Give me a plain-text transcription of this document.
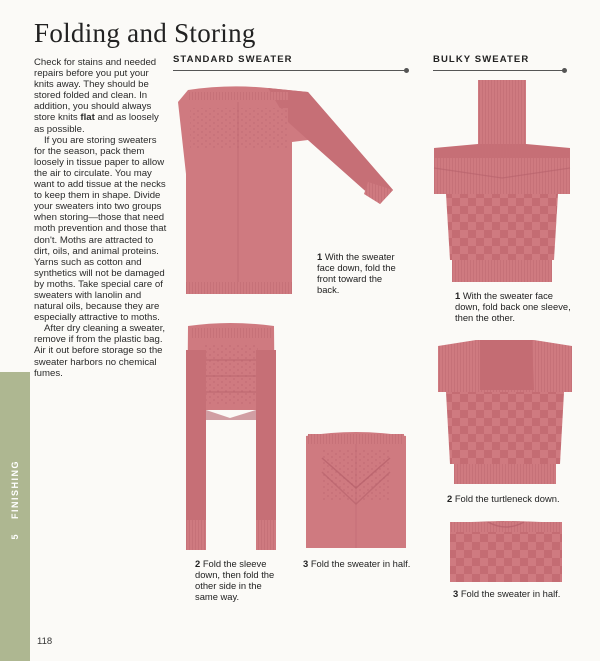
Folding and Storing

Check for stains and needed repairs before you put your knits away. They should be stored folded and clean. In addition, you should always store knits flat and as loosely as possible.

If you are storing sweaters for the season, pack them loosely in tissue paper to allow the air to circulate. You may want to add tissue at the necks to keep them in shape. Divide your sweaters into two groups when storing—those that need moth prevention and those that don't. Moths are attracted to dirt, oils, and animal proteins. Yarns such as cotton and synthetics will not be damaged by moths. Take special care of sweaters with lanolin and natural oils, because they are especially attractive to moths.

After dry cleaning a sweater, remove if from the plastic bag. Air it out before storage so the sweater harbors no chemical fumes.

STANDARD SWEATER	BULKY SWEATER
1 With the sweater face down, fold the front toward the back.
2 Fold the sleeve down, then fold the other side in the same way.
3 Fold the sweater in half.
1 With the sweater face down, fold back one sleeve, then the other.
2 Fold the turtleneck down.
3 Fold the sweater in half.
5 FINISHING
118
